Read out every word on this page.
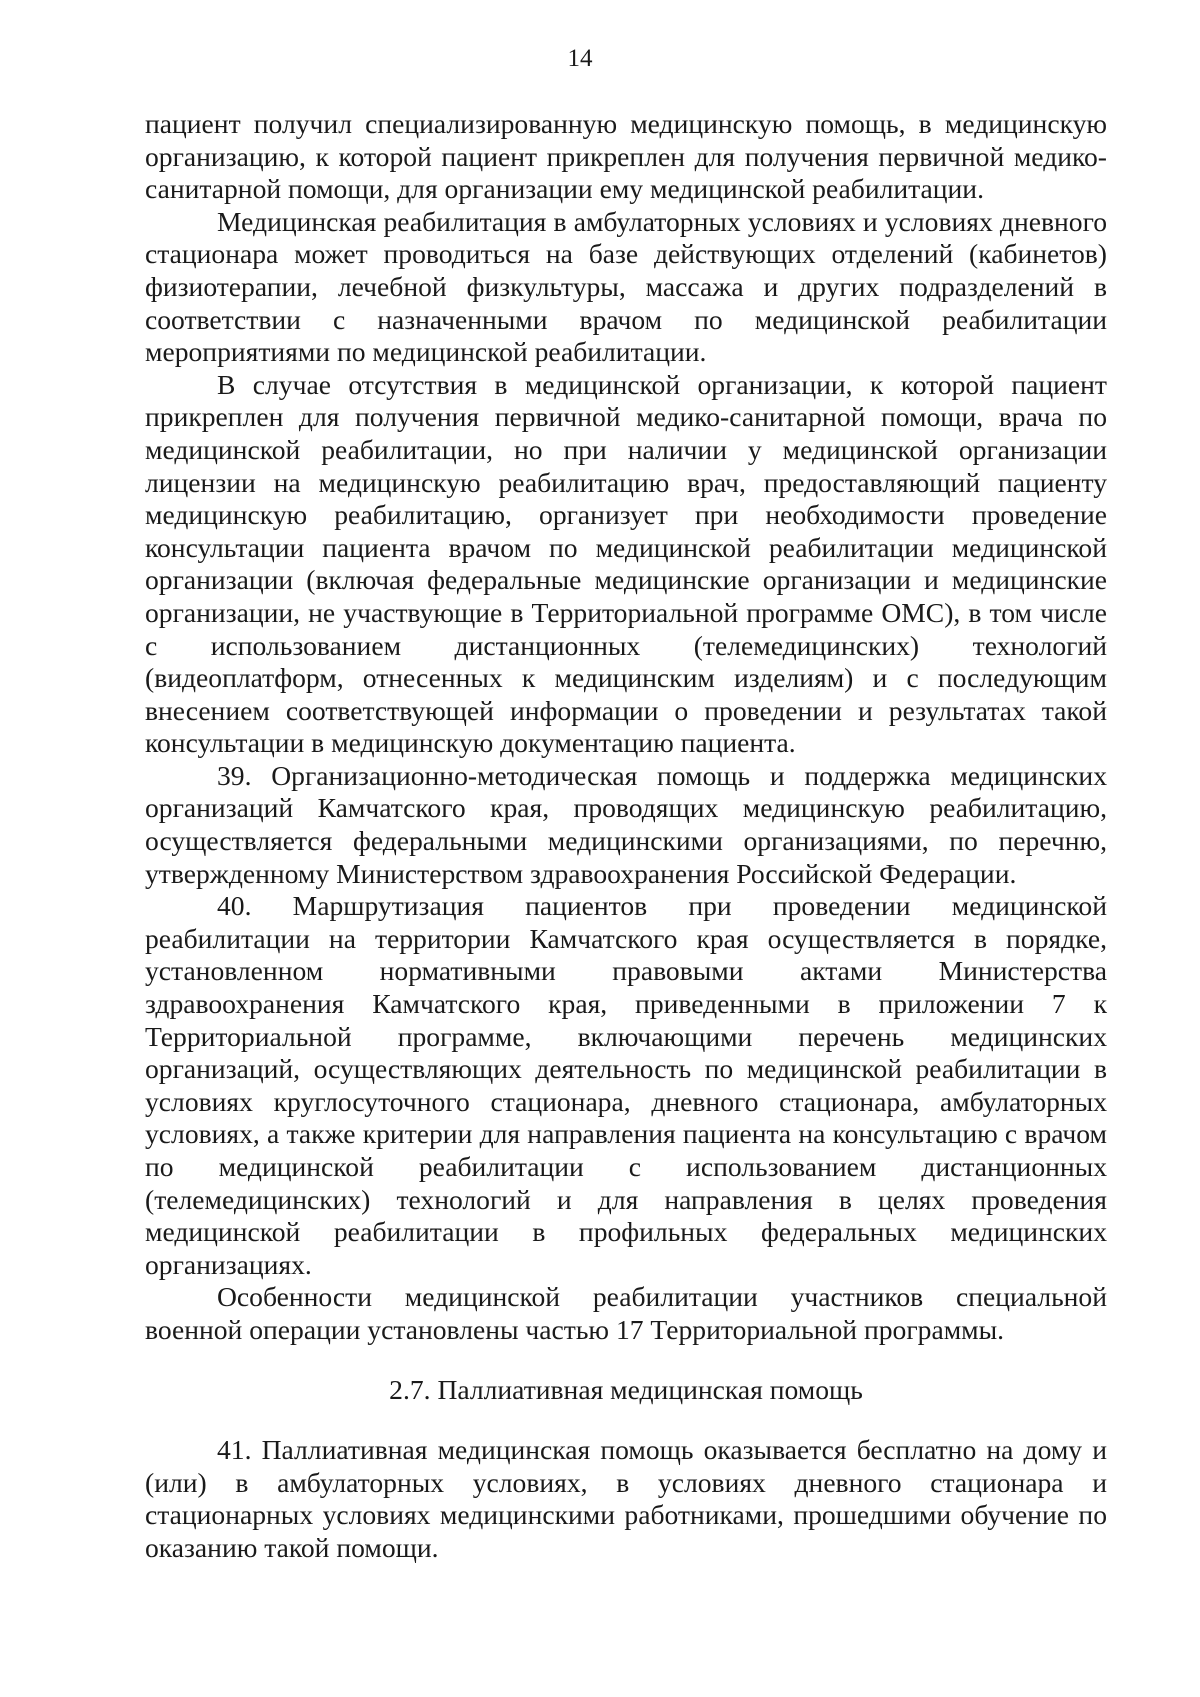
14

пациент получил специализированную медицинскую помощь, в медицинскую организацию, к которой пациент прикреплен для получения первичной медико-санитарной помощи, для организации ему медицинской реабилитации.

Медицинская реабилитация в амбулаторных условиях и условиях дневного стационара может проводиться на базе действующих отделений (кабинетов) физиотерапии, лечебной физкультуры, массажа и других подразделений в соответствии с назначенными врачом по медицинской реабилитации мероприятиями по медицинской реабилитации.

В случае отсутствия в медицинской организации, к которой пациент прикреплен для получения первичной медико-санитарной помощи, врача по медицинской реабилитации, но при наличии у медицинской организации лицензии на медицинскую реабилитацию врач, предоставляющий пациенту медицинскую реабилитацию, организует при необходимости проведение консультации пациента врачом по медицинской реабилитации медицинской организации (включая федеральные медицинские организации и медицинские организации, не участвующие в Территориальной программе ОМС), в том числе с использованием дистанционных (телемедицинских) технологий (видеоплатформ, отнесенных к медицинским изделиям) и с последующим внесением соответствующей информации о проведении и результатах такой консультации в медицинскую документацию пациента.

39. Организационно-методическая помощь и поддержка медицинских организаций Камчатского края, проводящих медицинскую реабилитацию, осуществляется федеральными медицинскими организациями, по перечню, утвержденному Министерством здравоохранения Российской Федерации.

40. Маршрутизация пациентов при проведении медицинской реабилитации на территории Камчатского края осуществляется в порядке, установленном нормативными правовыми актами Министерства здравоохранения Камчатского края, приведенными в приложении 7 к Территориальной программе, включающими перечень медицинских организаций, осуществляющих деятельность по медицинской реабилитации в условиях круглосуточного стационара, дневного стационара, амбулаторных условиях, а также критерии для направления пациента на консультацию с врачом по медицинской реабилитации с использованием дистанционных (телемедицинских) технологий и для направления в целях проведения медицинской реабилитации в профильных федеральных медицинских организациях.

Особенности медицинской реабилитации участников специальной военной операции установлены частью 17 Территориальной программы.

2.7. Паллиативная медицинская помощь

41. Паллиативная медицинская помощь оказывается бесплатно на дому и (или) в амбулаторных условиях, в условиях дневного стационара и стационарных условиях медицинскими работниками, прошедшими обучение по оказанию такой помощи.
